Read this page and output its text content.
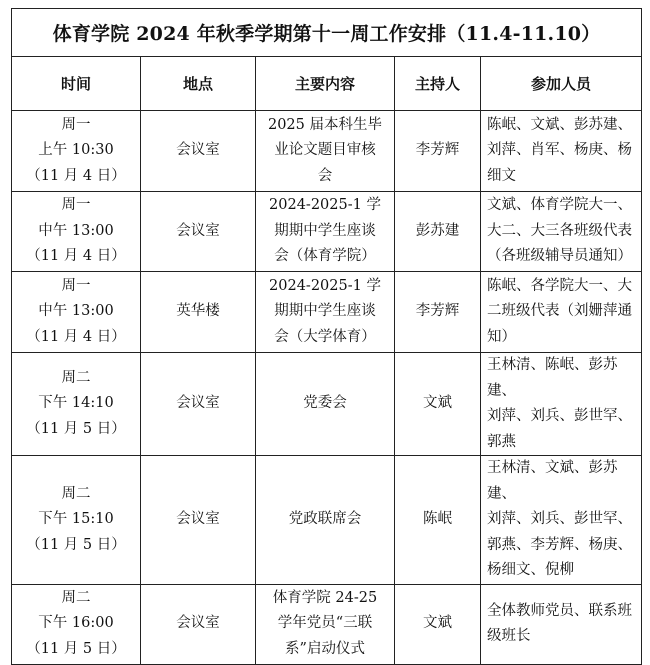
体育学院 2024 年秋季学期第十一周工作安排（11.4-11.10）				
时间	地点	主要内容	主持人	参加人员

周一
上午 10:30
（11 月 4 日）	会议室	2025 届本科生毕
业论文题目审核
会	李芳辉	陈岷、文斌、彭苏建、
刘萍、肖军、杨庚、杨
细文

周一
中午 13:00
（11 月 4 日）	会议室	2024-2025-1 学
期期中学生座谈
会（体育学院）	彭苏建	文斌、体育学院大一、
大二、大三各班级代表
（各班级辅导员通知）

周一
中午 13:00
（11 月 4 日）	英华楼	2024-2025-1 学
期期中学生座谈
会（大学体育）	李芳辉	陈岷、各学院大一、大
二班级代表（刘姗萍通
知）

周二
下午 14:10
（11 月 5 日）	会议室	党委会	文斌	王林清、陈岷、彭苏建、
刘萍、刘兵、彭世罕、
郭燕

周二
下午 15:10
（11 月 5 日）	会议室	党政联席会	陈岷	王林清、文斌、彭苏建、
刘萍、刘兵、彭世罕、
郭燕、李芳辉、杨庚、
杨细文、倪柳

周二
下午 16:00
（11 月 5 日）	会议室	体育学院 24-25
学年党员“三联
系”启动仪式	文斌	全体教师党员、联系班
级班长
